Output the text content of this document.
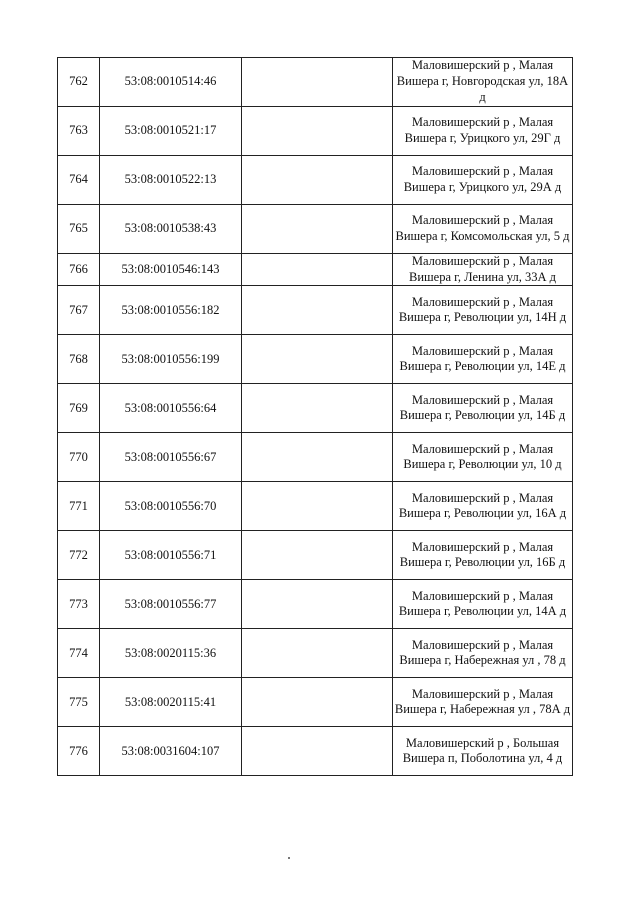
762	53:08:0010514:46		Маловишерский р , Малая Вишера г, Новгородская ул, 18А д
763	53:08:0010521:17		Маловишерский р , Малая Вишера г, Урицкого ул, 29Г д
764	53:08:0010522:13		Маловишерский р , Малая Вишера г, Урицкого ул, 29А д
765	53:08:0010538:43		Маловишерский р , Малая Вишера г, Комсомольская ул, 5 д
766	53:08:0010546:143		Маловишерский р , Малая Вишера г, Ленина ул, 33А д
767	53:08:0010556:182		Маловишерский р , Малая Вишера г, Революции ул, 14Н д
768	53:08:0010556:199		Маловишерский р , Малая Вишера г, Революции ул, 14Е д
769	53:08:0010556:64		Маловишерский р , Малая Вишера г, Революции ул, 14Б д
770	53:08:0010556:67		Маловишерский р , Малая Вишера г, Революции ул, 10 д
771	53:08:0010556:70		Маловишерский р , Малая Вишера г, Революции ул, 16А д
772	53:08:0010556:71		Маловишерский р , Малая Вишера г, Революции ул, 16Б д
773	53:08:0010556:77		Маловишерский р , Малая Вишера г, Революции ул, 14А д
774	53:08:0020115:36		Маловишерский р , Малая Вишера г, Набережная ул , 78 д
775	53:08:0020115:41		Маловишерский р , Малая Вишера г, Набережная ул , 78А д
776	53:08:0031604:107		Маловишерский р , Большая Вишера п, Поболотина ул, 4 д
